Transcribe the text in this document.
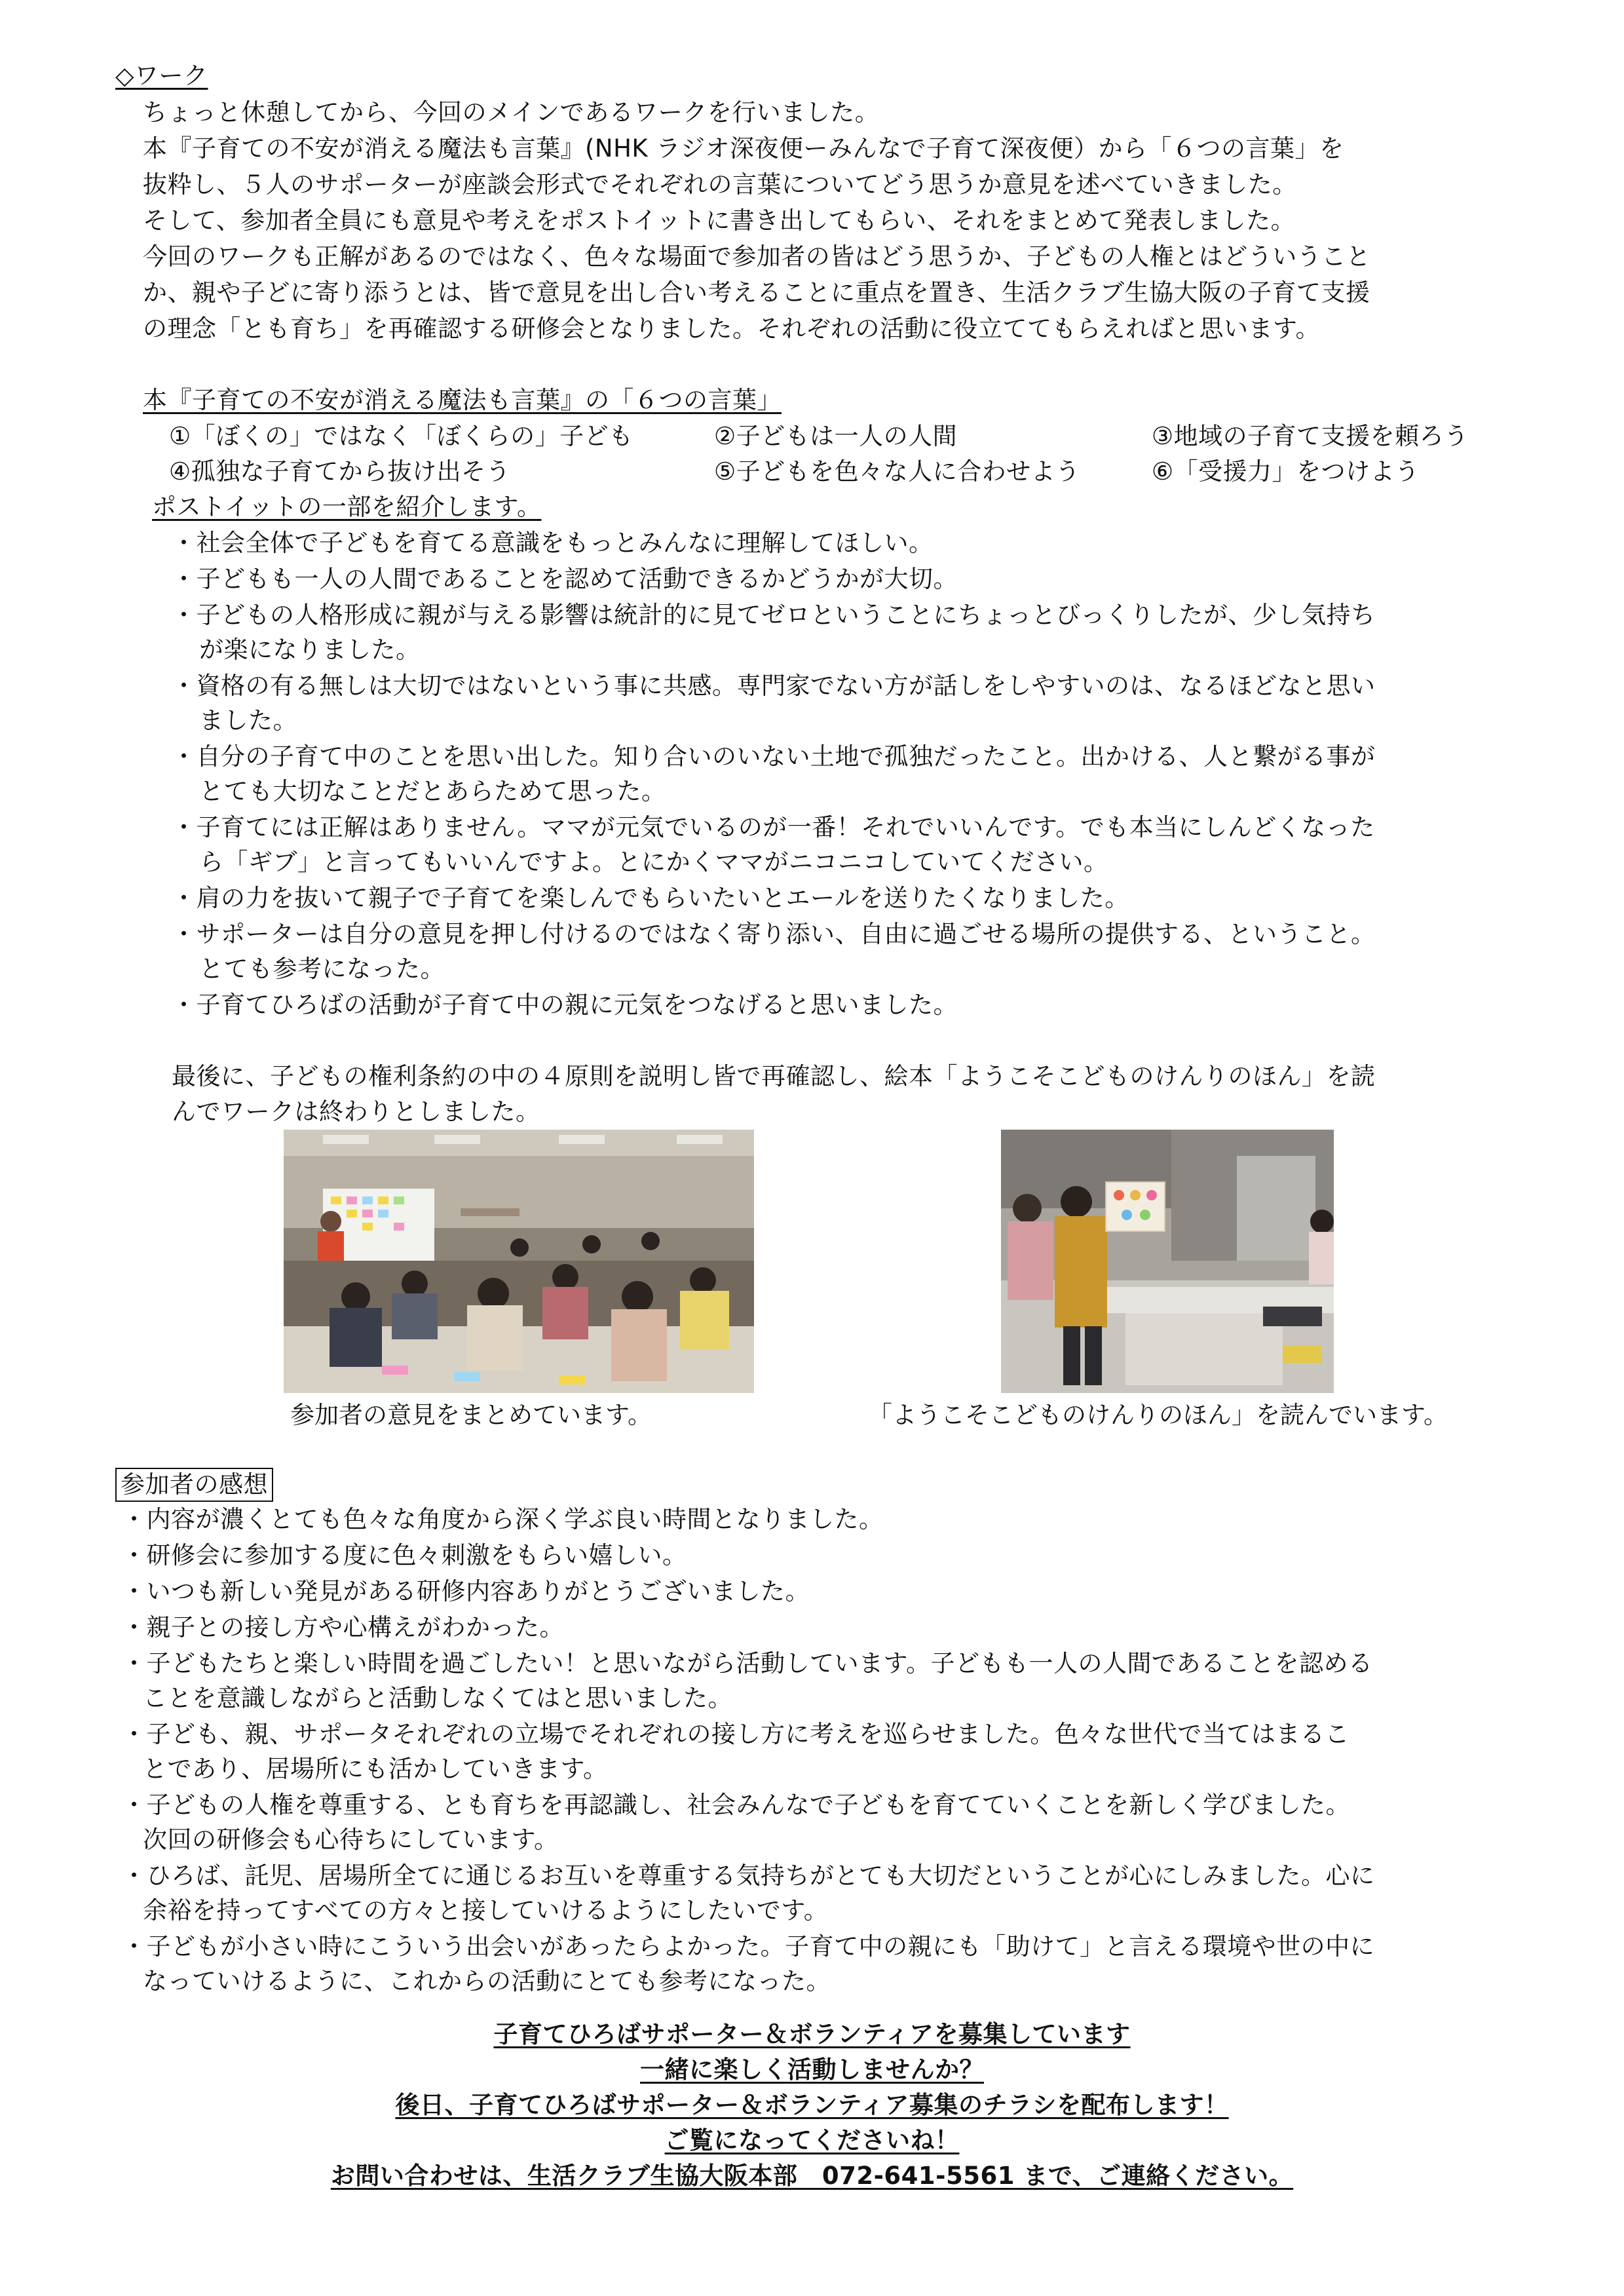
◇ワーク
ちょっと休憩してから、今回のメインであるワークを行いました。
本『子育ての不安が消える魔法も言葉』(NHK ラジオ深夜便ーみんなで子育て深夜便）から「６つの言葉」を
抜粋し、５人のサポーターが座談会形式でそれぞれの言葉についてどう思うか意見を述べていきました。
そして、参加者全員にも意見や考えをポストイットに書き出してもらい、それをまとめて発表しました。
今回のワークも正解があるのではなく、色々な場面で参加者の皆はどう思うか、子どもの人権とはどういうこと
か、親や子どに寄り添うとは、皆で意見を出し合い考えることに重点を置き、生活クラブ生協大阪の子育て支援
の理念「とも育ち」を再確認する研修会となりました。それぞれの活動に役立ててもらえればと思います。
本『子育ての不安が消える魔法も言葉』の「６つの言葉」
①「ぼくの」ではなく「ぼくらの」子ども	②子どもは一人の人間	③地域の子育て支援を頼ろう
④孤独な子育てから抜け出そう	⑤子どもを色々な人に合わせよう	⑥「受援力」をつけよう
ポストイットの一部を紹介します。
・社会全体で子どもを育てる意識をもっとみんなに理解してほしい。
・子どもも一人の人間であることを認めて活動できるかどうかが大切。
・子どもの人格形成に親が与える影響は統計的に見てゼロということにちょっとびっくりしたが、少し気持ち
が楽になりました。
・資格の有る無しは大切ではないという事に共感。専門家でない方が話しをしやすいのは、なるほどなと思い
ました。
・自分の子育て中のことを思い出した。知り合いのいない土地で孤独だったこと。出かける、人と繋がる事が
とても大切なことだとあらためて思った。
・子育てには正解はありません。ママが元気でいるのが一番！それでいいんです。でも本当にしんどくなった
ら「ギブ」と言ってもいいんですよ。とにかくママがニコニコしていてください。
・肩の力を抜いて親子で子育てを楽しんでもらいたいとエールを送りたくなりました。
・サポーターは自分の意見を押し付けるのではなく寄り添い、自由に過ごせる場所の提供する、ということ。
とても参考になった。
・子育てひろばの活動が子育て中の親に元気をつなげると思いました。
最後に、子どもの権利条約の中の４原則を説明し皆で再確認し、絵本「ようこそこどものけんりのほん」を読
んでワークは終わりとしました。
参加者の意見をまとめています。	「ようこそこどものけんりのほん」を読んでいます。
参加者の感想
・内容が濃くとても色々な角度から深く学ぶ良い時間となりました。
・研修会に参加する度に色々刺激をもらい嬉しい。
・いつも新しい発見がある研修内容ありがとうございました。
・親子との接し方や心構えがわかった。
・子どもたちと楽しい時間を過ごしたい！と思いながら活動しています。子どもも一人の人間であることを認める
ことを意識しながらと活動しなくてはと思いました。
・子ども、親、サポータそれぞれの立場でそれぞれの接し方に考えを巡らせました。色々な世代で当てはまるこ
とであり、居場所にも活かしていきます。
・子どもの人権を尊重する、とも育ちを再認識し、社会みんなで子どもを育てていくことを新しく学びました。
次回の研修会も心待ちにしています。
・ひろば、託児、居場所全てに通じるお互いを尊重する気持ちがとても大切だということが心にしみました。心に
余裕を持ってすべての方々と接していけるようにしたいです。
・子どもが小さい時にこういう出会いがあったらよかった。子育て中の親にも「助けて」と言える環境や世の中に
なっていけるように、これからの活動にとても参考になった。
子育てひろばサポーター＆ボランティアを募集しています
一緒に楽しく活動しませんか？
後日、子育てひろばサポーター＆ボランティア募集のチラシを配布します！
ご覧になってくださいね！
お問い合わせは、生活クラブ生協大阪本部　072-641-5561 まで、ご連絡ください。
